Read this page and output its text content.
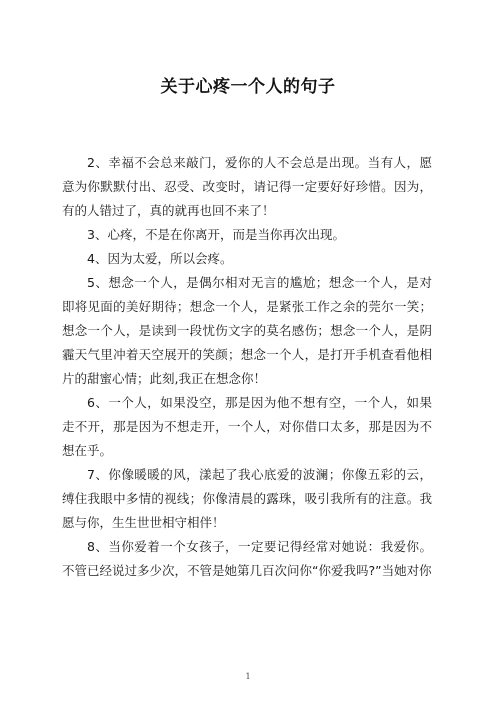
关于心疼一个人的句子

2、幸福不会总来敲门，爱你的人不会总是出现。当有人，愿意为你默默付出、忍受、改变时，请记得一定要好好珍惜。因为，有的人错过了，真的就再也回不来了！

3、心疼，不是在你离开，而是当你再次出现。

4、因为太爱，所以会疼。

5、想念一个人，是偶尔相对无言的尴尬；想念一个人，是对即将见面的美好期待；想念一个人，是紧张工作之余的莞尔一笑；想念一个人，是读到一段忧伤文字的莫名感伤；想念一个人，是阴霾天气里冲着天空展开的笑颜；想念一个人，是打开手机查看他相片的甜蜜心情；此刻,我正在想念你！

6、一个人，如果没空，那是因为他不想有空，一个人，如果走不开，那是因为不想走开，一个人，对你借口太多，那是因为不想在乎。

7、你像暖暖的风，漾起了我心底爱的波澜；你像五彩的云，缚住我眼中多情的视线；你像清晨的露珠，吸引我所有的注意。我愿与你，生生世世相守相伴！

8、当你爱着一个女孩子，一定要记得经常对她说：我爱你。不管已经说过多少次，不管是她第几百次问你“你爱我吗?”当她对你

1
